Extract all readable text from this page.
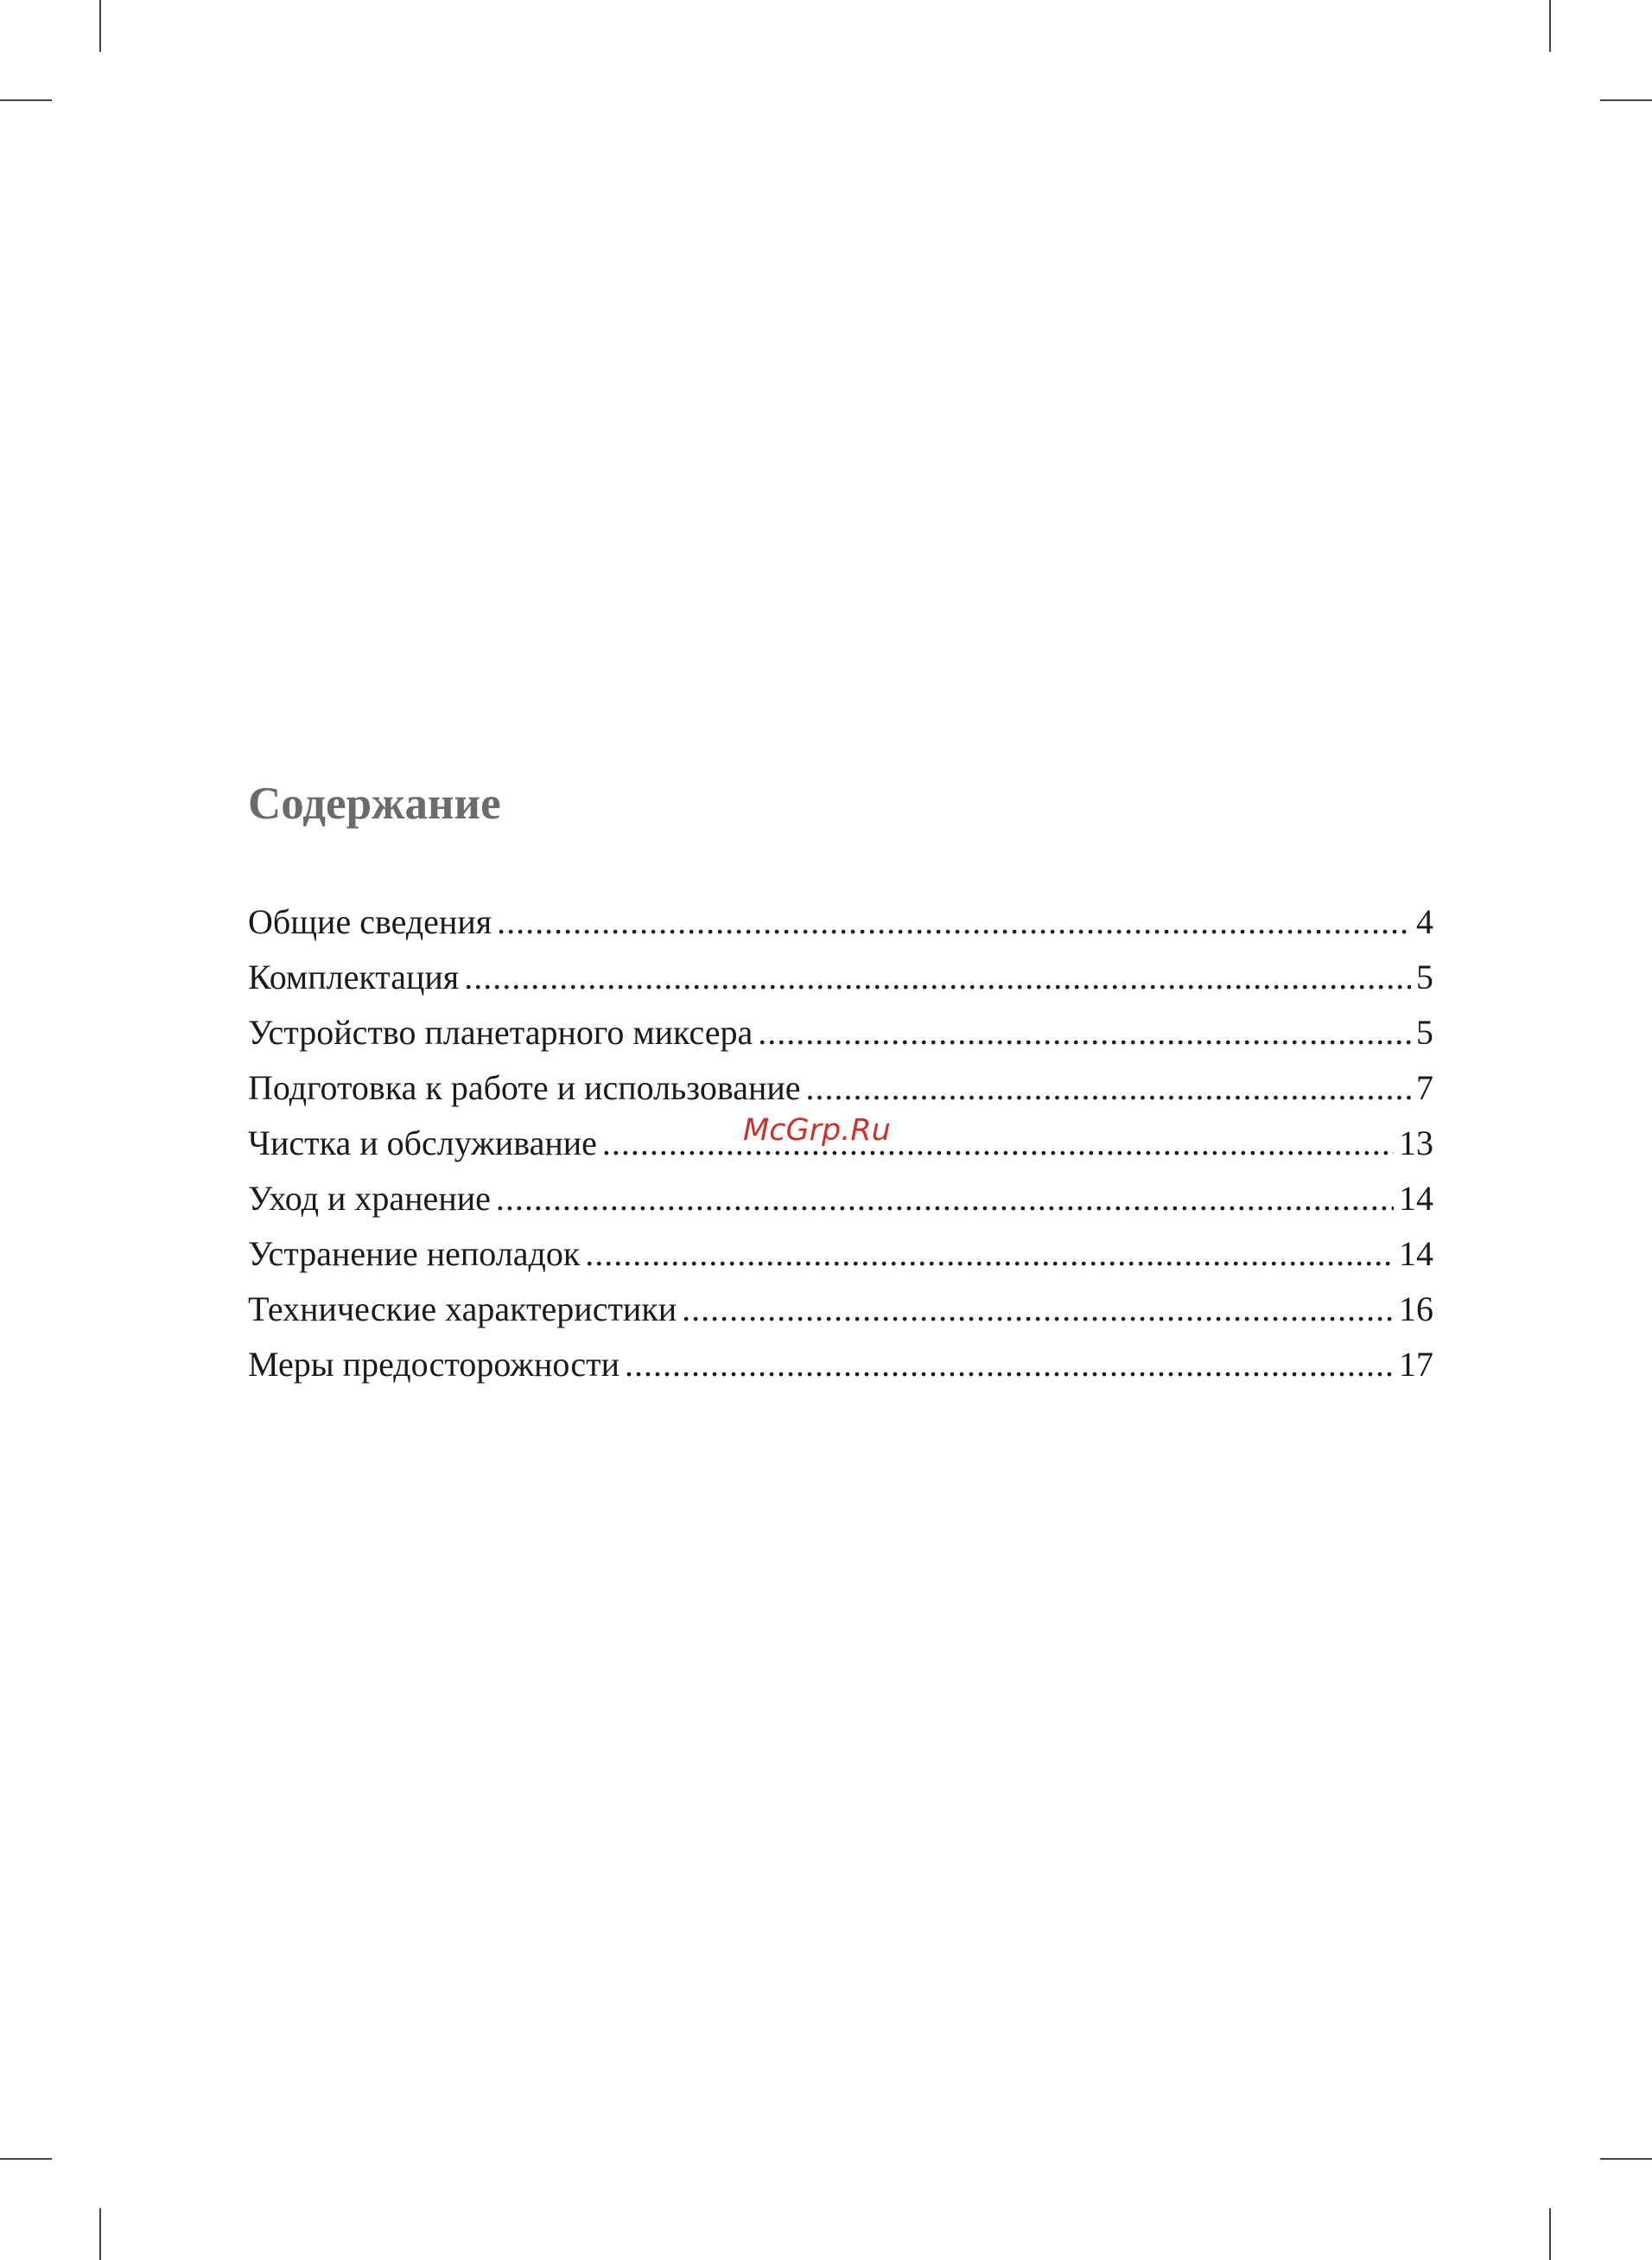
Содержание
Общие сведения .....	4
Комплектация .....	5
Устройство планетарного миксера .....	5
Подготовка к работе и использование .....	7
Чистка и обслуживание .....	13
Уход и хранение .....	14
Устранение неполадок .....	14
Технические характеристики .....	16
Меры предосторожности .....	17
McGrp.Ru
